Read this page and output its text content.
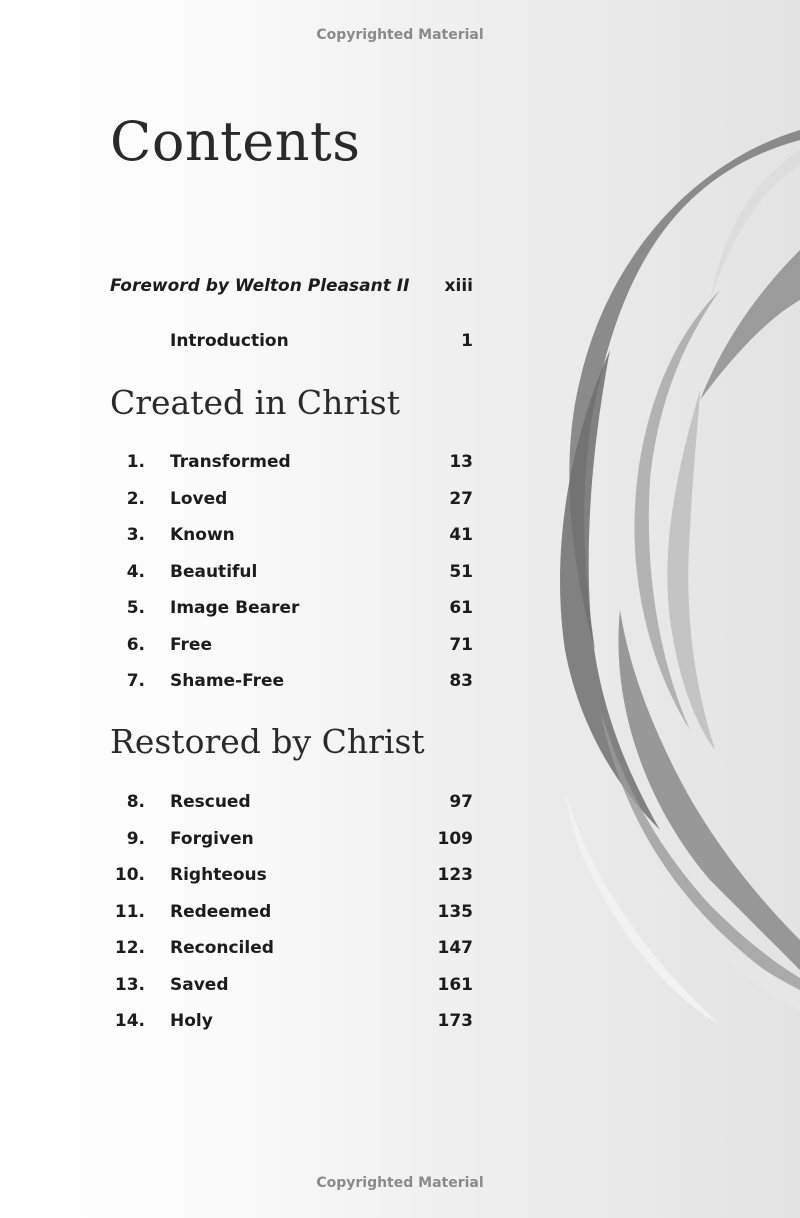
Copyrighted Material
Contents
Foreword by Welton Pleasant II xiii
Introduction	1
Created in Christ
1. Transformed	13
2. Loved	27
3. Known	41
4. Beautiful	51
5. Image Bearer	61
6. Free	71
7. Shame-Free	83
Restored by Christ
8. Rescued	97
9. Forgiven	109
10. Righteous	123
11. Redeemed	135
12. Reconciled	147
13. Saved	161
14. Holy	173
Copyrighted Material
